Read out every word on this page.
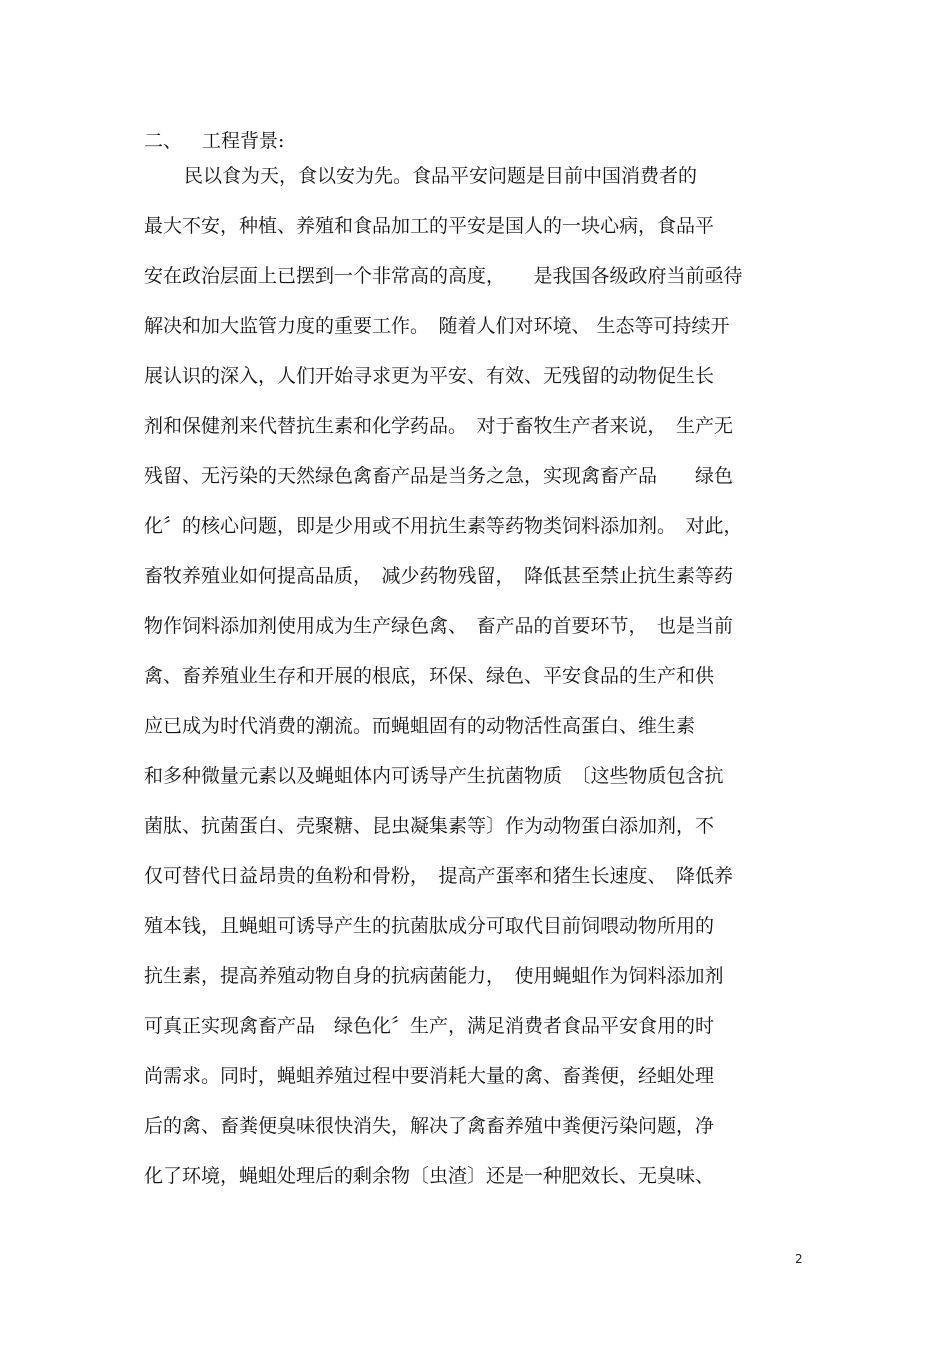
二、 工程背景:
民以食为天，食以安为先。食品平安问题是目前中国消费者的
最大不安，种植、养殖和食品加工的平安是国人的一块心病，食品平
安在政治层面上已摆到一个非常高的高度，　　是我国各级政府当前亟待
解决和加大监管力度的重要工作。　随着人们对环境、 生态等可持续开
展认识的深入，人们开始寻求更为平安、有效、无残留的动物促生长
剂和保健剂来代替抗生素和化学药品。　对于畜牧生产者来说，　生产无
残留、无污染的天然绿色禽畜产品是当务之急，实现禽畜产品　　绿色
化〞的核心问题，即是少用或不用抗生素等药物类饲料添加剂。　对此，
畜牧养殖业如何提高品质，　减少药物残留，　降低甚至禁止抗生素等药
物作饲料添加剂使用成为生产绿色禽、　畜产品的首要环节，　也是当前
禽、畜养殖业生存和开展的根底，环保、绿色、平安食品的生产和供
应已成为时代消费的潮流。而蝇蛆固有的动物活性高蛋白、维生素
和多种微量元素以及蝇蛆体内可诱导产生抗菌物质　〔这些物质包含抗
菌肽、抗菌蛋白、壳聚糖、昆虫凝集素等〕作为动物蛋白添加剂，不
仅可替代日益昂贵的鱼粉和骨粉，　提高产蛋率和猪生长速度、　降低养
殖本钱，且蝇蛆可诱导产生的抗菌肽成分可取代目前饲喂动物所用的
抗生素，提高养殖动物自身的抗病菌能力，　使用蝇蛆作为饲料添加剂
可真正实现禽畜产品　绿色化〞生产，满足消费者食品平安食用的时
尚需求。同时，蝇蛆养殖过程中要消耗大量的禽、畜粪便，经蛆处理
后的禽、畜粪便臭味很快消失，解决了禽畜养殖中粪便污染问题，净
化了环境，蝇蛆处理后的剩余物〔虫渣〕还是一种肥效长、无臭味、
2
